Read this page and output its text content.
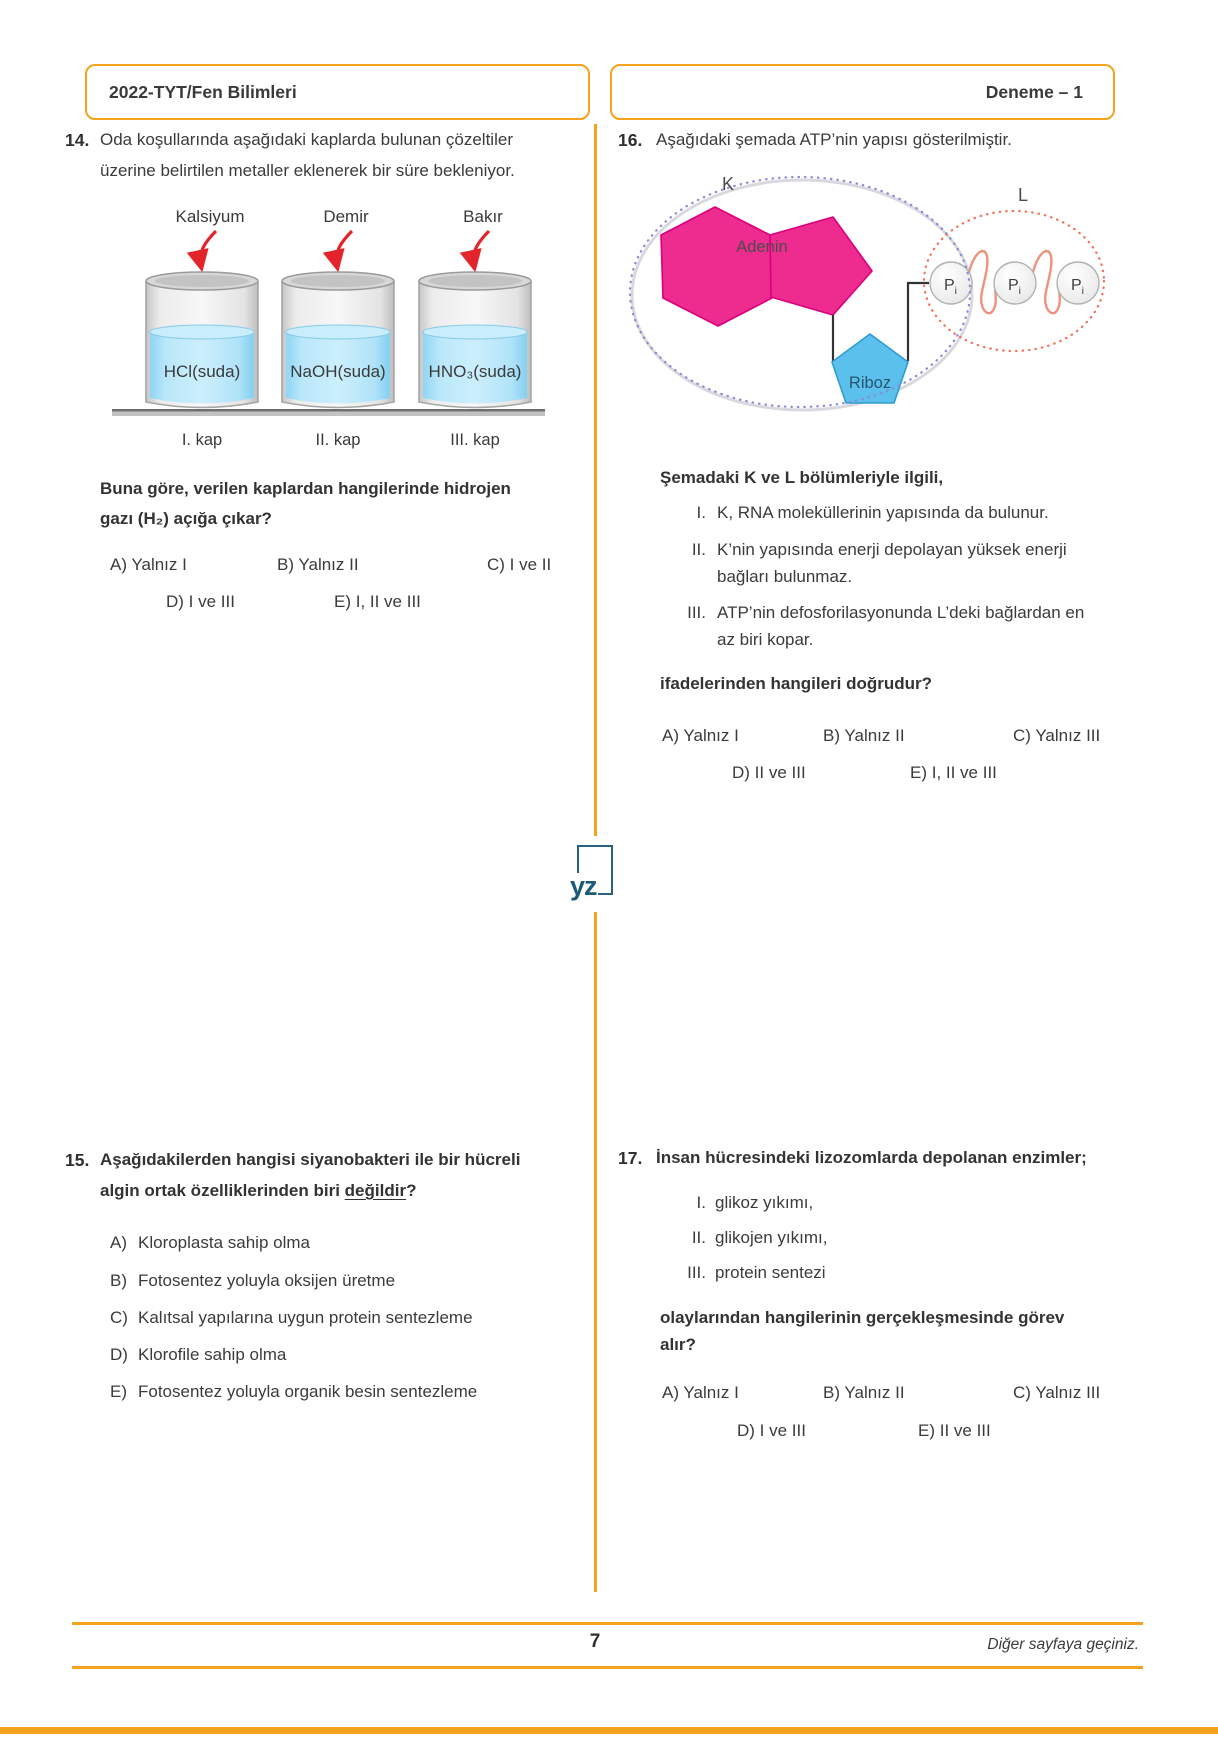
2022-TYT/Fen Bilimleri	Deneme – 1
yz
14. Oda koşullarında aşağıdaki kaplarda bulunan çözeltiler
üzerine belirtilen metaller eklenerek bir süre bekleniyor.
Kalsiyum	Demir	Bakır
HCl(suda)	NaOH(suda)	HNO₃(suda)
I. kap	II. kap	III. kap
Buna göre, verilen kaplardan hangilerinde hidrojen
gazı (H₂) açığa çıkar?
A) Yalnız I	B) Yalnız II	C) I ve II
D) I ve III	E) I, II ve III
16. Aşağıdaki şemada ATP’nin yapısı gösterilmiştir.
Adenin
Riboz
$P_i$	$P_i$	$P_i$
K
L
Şemadaki K ve L bölümleriyle ilgili,
I. K, RNA moleküllerinin yapısında da bulunur.
II. K’nin yapısında enerji depolayan yüksek enerji
bağları bulunmaz.
III. ATP’nin defosforilasyonunda L’deki bağlardan en
az biri kopar.
ifadelerinden hangileri doğrudur?
A) Yalnız I	B) Yalnız II	C) Yalnız III
D) II ve III	E) I, II ve III
15. Aşağıdakilerden hangisi siyanobakteri ile bir hücreli
algin ortak özelliklerinden biri değildir?
A) Kloroplasta sahip olma
B) Fotosentez yoluyla oksijen üretme
C) Kalıtsal yapılarına uygun protein sentezleme
D) Klorofile sahip olma
E) Fotosentez yoluyla organik besin sentezleme
17. İnsan hücresindeki lizozomlarda depolanan enzimler;
I. glikoz yıkımı,
II. glikojen yıkımı,
III. protein sentezi
olaylarından hangilerinin gerçekleşmesinde görev
alır?
A) Yalnız I	B) Yalnız II	C) Yalnız III
D) I ve III	E) II ve III
7	Diğer sayfaya geçiniz.
